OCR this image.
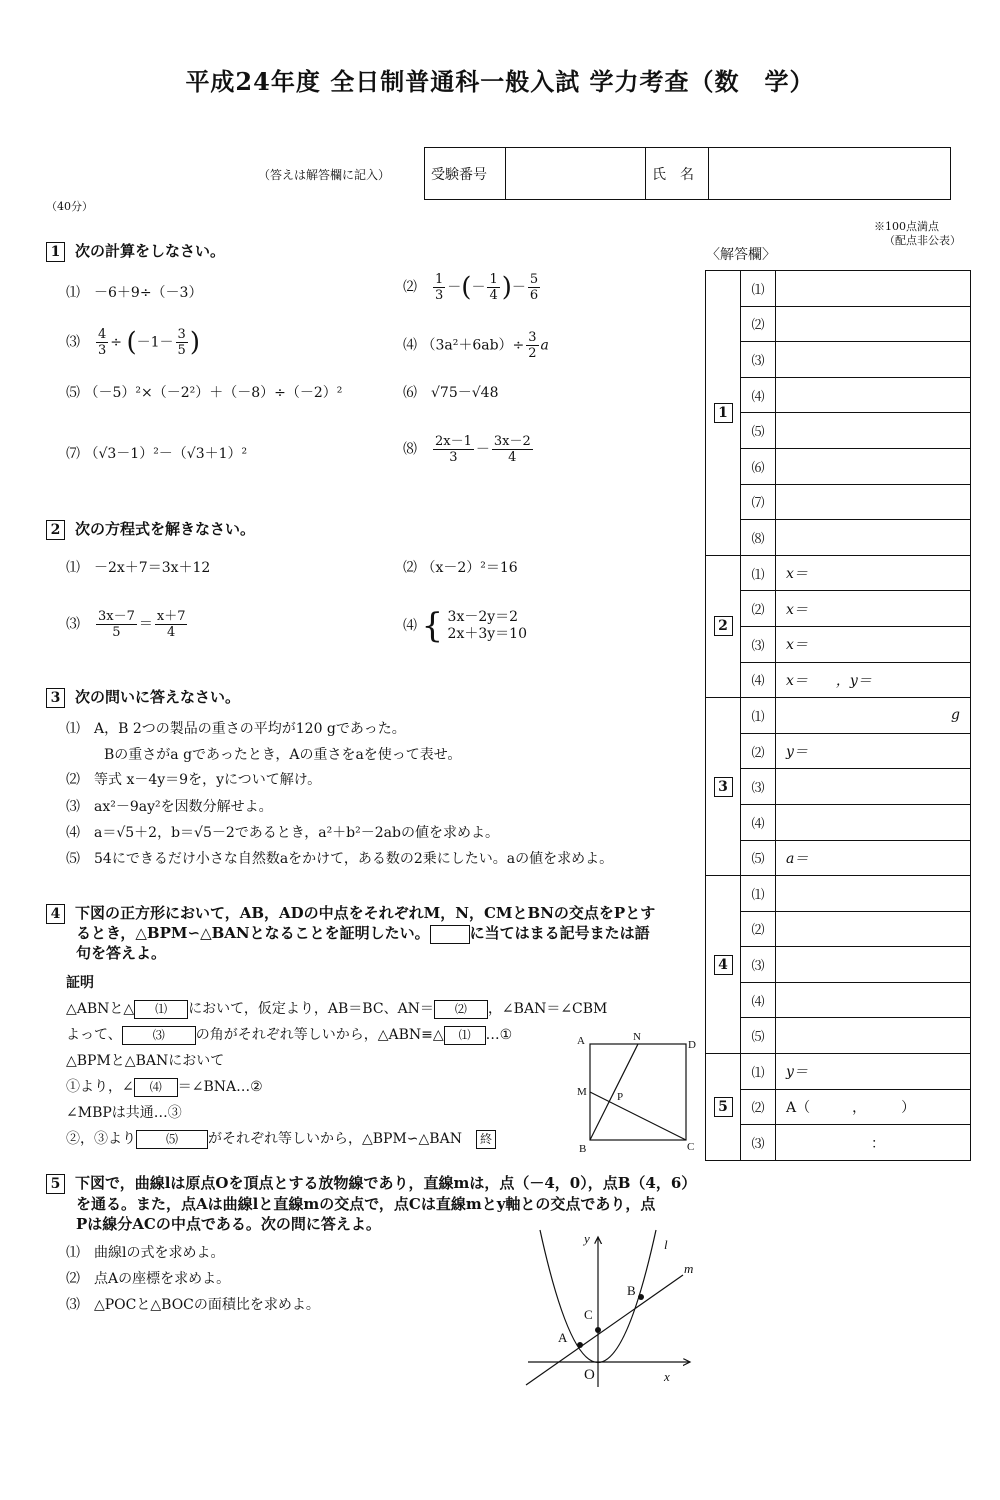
平成24年度 全日制普通科一般入試 学力考查（数　学）
（答えは解答欄に記入）	受験番号		氏　名	
（40分）
※100点満点
（配点非公表）
〈解答欄〉
1 次の計算をしなさい。
⑴　 －6＋9÷（－3）	⑵　 $\frac{1}{3}$ －(－ $\frac{1}{4}$ )－ $\frac{5}{6}$
⑶　 $\frac{4}{3} \div (-1- \frac{3}{5}$ )	⑷ $(3a^2+6ab)\div \frac{3}{2}$ a
⑸ （－5）²×（－2²）＋（－8）÷（－2）²	⑹　 √75－√48
⑺ （√3－1）²－（√3＋1）²	⑻　 $\frac{2x-1}{3} - \frac{3x-2}{4}$
2 次の方程式を解きなさい。
⑴　 －2x＋7＝3x＋12	⑵ （x－2）²＝16
⑶　 $\frac{3x-7}{5} = \frac{x+7}{4}$	⑷ { 3x－2y＝2
2x＋3y＝10
3 次の問いに答えなさい。
⑴　 A，B 2つの製品の重さの平均が120 gであった。
Bの重さがa gであったとき，Aの重さをaを使って表せ。
⑵　 等式 x－4y＝9を，yについて解け。
⑶　 ax²－9ay²を因数分解せよ。
⑷　 a＝√5＋2，b＝√5－2であるとき，a²＋b²－2abの値を求めよ。
⑸　 54にできるだけ小さな自然数aをかけて，ある数の2乗にしたい。aの値を求めよ。
4 下図の正方形において，AB，ADの中点をそれぞれM，N，CMとBNの交点をPとす
るとき，△BPM∽△BANとなることを証明したい。	に当てはまる記号または語
句を答えよ。
証明
△ABNと△ ⑴ において，仮定より，AB＝BC、AN＝ ⑵ ，∠BAN＝∠CBM
よって、	⑶ の角がそれぞれ等しいから，△ABN≡△ ⑴ …①
△BPMと△BANにおいて
①より，∠ ⑷ ＝∠BNA…②
∠MBPは共通…③
②，③より ⑸ がそれぞれ等しいから，△BPM∽△BAN　 終
A	N
D
M	P
B	C
5 下図で，曲線lは原点Oを頂点とする放物線であり，直線mは，点（－4，0），点B（4，6）
を通る。また，点Aは曲線lと直線mの交点で，点Cは直線mとy軸との交点であり，点
Pは線分ACの中点である。次の問に答えよ。
⑴　 曲線lの式を求めよ。
⑵　 点Aの座標を求めよ。
⑶　 △POCと△BOCの面積比を求めよ。
y
x
l
m
B
C
A
O
1	⑴	
	⑵	
	⑶	
	⑷	
	⑸	
	⑹	
	⑺	
	⑻	
2	⑴	x＝
	⑵	x＝
	⑶	x＝
	⑷	x＝　　，y＝
3	⑴	g
	⑵	y＝
	⑶	
	⑷	
	⑸	a＝
4	⑴	
	⑵	
	⑶	
	⑷	
	⑸	
5	⑴	y＝
	⑵	A（　　　，　　　）
	⑶	：
